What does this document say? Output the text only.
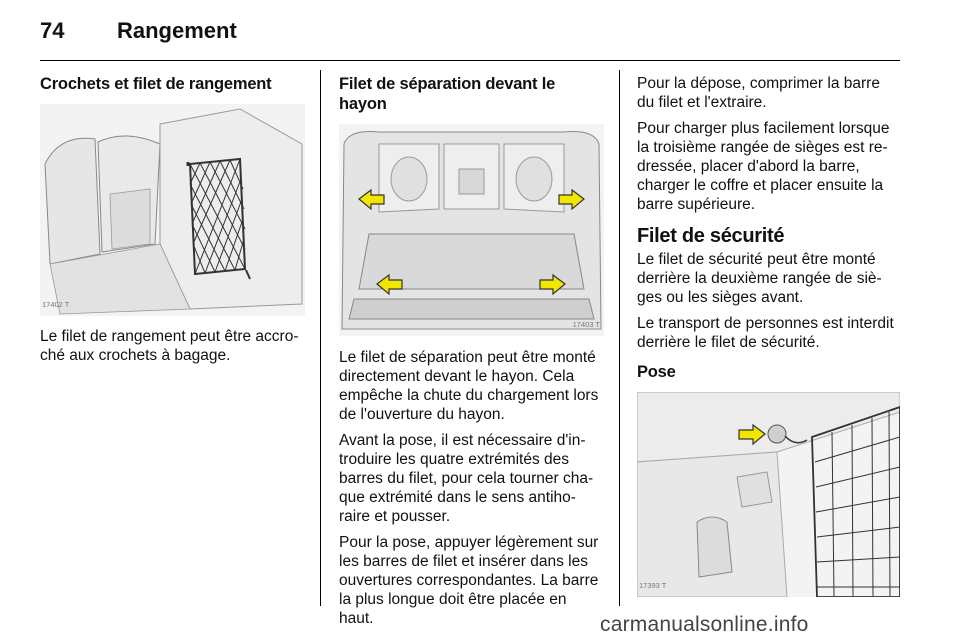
74 Rangement
Crochets et filet de rangement
17402 T

Le filet de rangement peut être accro-ché aux crochets à bagage.

Filet de séparation devant le hayon
17403 T

Le filet de séparation peut être monté directement devant le hayon. Cela empêche la chute du chargement lors de l'ouverture du hayon.

Avant la pose, il est nécessaire d'in-troduire les quatre extrémités des barres du filet, pour cela tourner cha-que extrémité dans le sens antiho-raire et pousser.

Pour la pose, appuyer légèrement sur les barres de filet et insérer dans les ouvertures correspondantes. La barre la plus longue doit être placée en haut.

Pour la dépose, comprimer la barre du filet et l'extraire.

Pour charger plus facilement lorsque la troisième rangée de sièges est re-dressée, placer d'abord la barre, charger le coffre et placer ensuite la barre supérieure.

Filet de sécurité

Le filet de sécurité peut être monté derrière la deuxième rangée de siè-ges ou les sièges avant.

Le transport de personnes est interdit derrière le filet de sécurité.

Pose
17393 T
carmanualsonline.info
